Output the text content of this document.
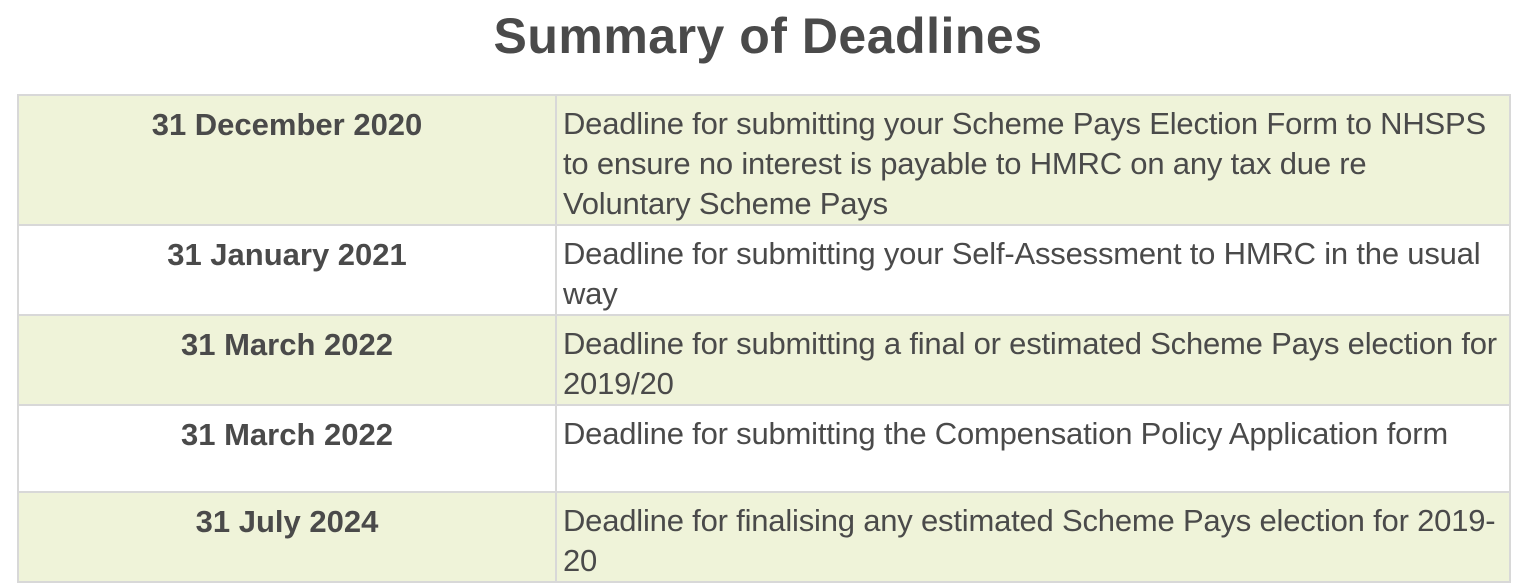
Summary of Deadlines
31 December 2020	Deadline for submitting your Scheme Pays Election Form to NHSPS to ensure no interest is payable to HMRC on any tax due re Voluntary Scheme Pays
31 January 2021	Deadline for submitting your Self-Assessment to HMRC in the usual way
31 March 2022	Deadline for submitting a final or estimated Scheme Pays election for 2019/20
31 March 2022	Deadline for submitting the Compensation Policy Application form
31 July 2024	Deadline for finalising any estimated Scheme Pays election for 2019-20
